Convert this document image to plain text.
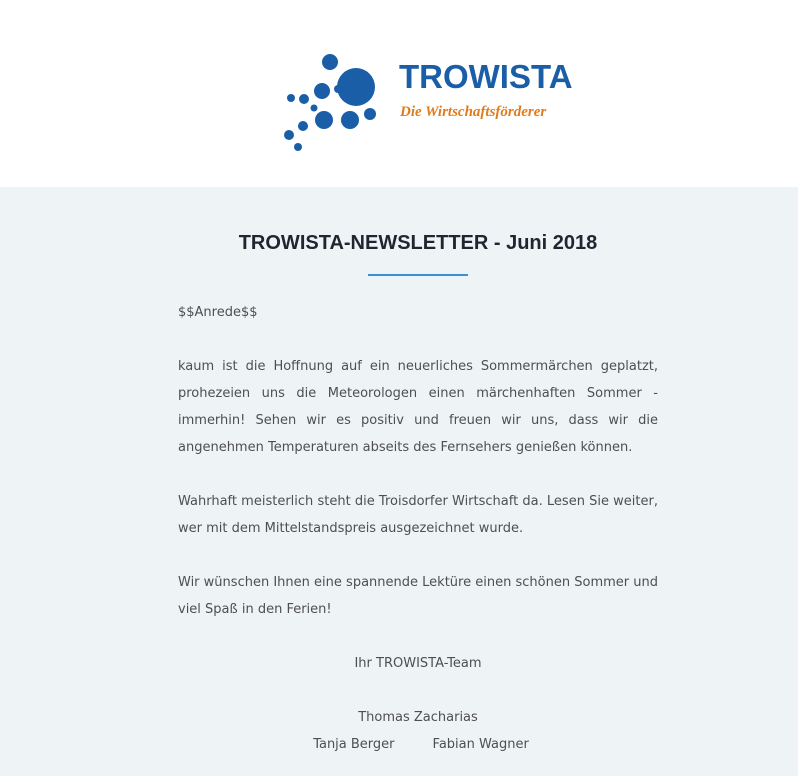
TROWISTA
Die Wirtschaftsförderer
TROWISTA-NEWSLETTER - Juni 2018
$$Anrede$$
kaum ist die Hoffnung auf ein neuerliches Sommermärchen geplatzt, prohezeien uns die Meteorologen einen märchenhaften Sommer - immerhin! Sehen wir es positiv und freuen wir uns, dass wir die angenehmen Temperaturen abseits des Fernsehers genießen können.
Wahrhaft meisterlich steht die Troisdorfer Wirtschaft da. Lesen Sie weiter, wer mit dem Mittelstandspreis ausgezeichnet wurde.
Wir wünschen Ihnen eine spannende Lektüre einen schönen Sommer und viel Spaß in den Ferien!
Ihr TROWISTA-Team
Thomas Zacharias
Tanja Berger	Fabian Wagner
